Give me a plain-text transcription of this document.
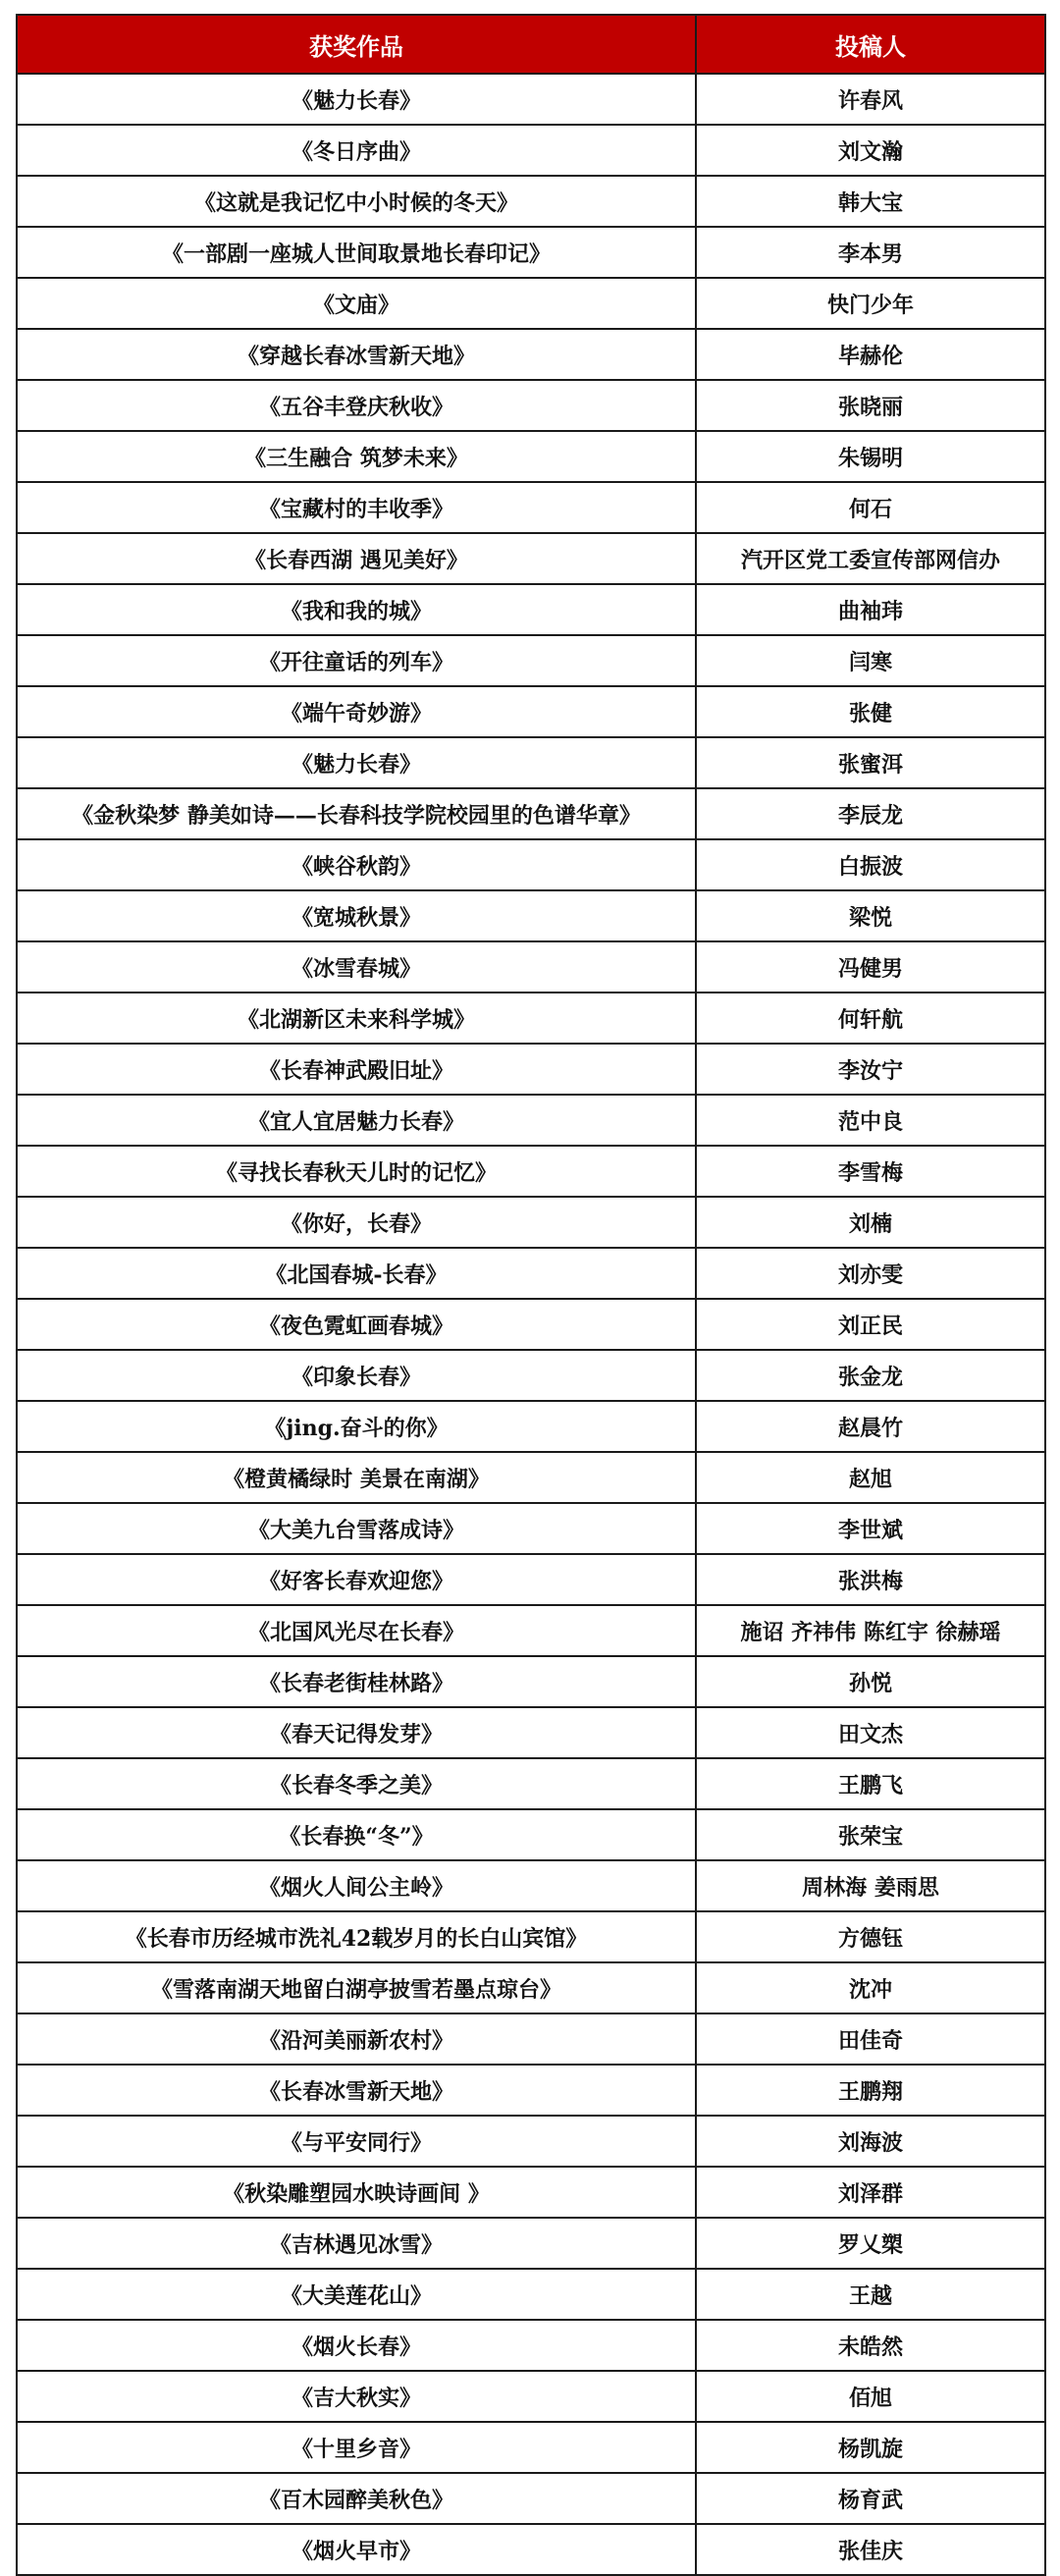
获奖作品	投稿人
《魅力长春》	许春风
《冬日序曲》	刘文瀚
《这就是我记忆中小时候的冬天》	韩大宝
《一部剧一座城人世间取景地长春印记》	李本男
《文庙》	快门少年
《穿越长春冰雪新天地》	毕赫伦
《五谷丰登庆秋收》	张晓丽
《三生融合 筑梦未来》	朱锡明
《宝藏村的丰收季》	何石
《长春西湖 遇见美好》	汽开区党工委宣传部网信办
《我和我的城》	曲袖玮
《开往童话的列车》	闫寒
《端午奇妙游》	张健
《魅力长春》	张蜜洱
《金秋染梦 静美如诗——长春科技学院校园里的色谱华章》	李辰龙
《峡谷秋韵》	白振波
《宽城秋景》	梁悦
《冰雪春城》	冯健男
《北湖新区未来科学城》	何轩航
《长春神武殿旧址》	李汝宁
《宜人宜居魅力长春》	范中良
《寻找长春秋天儿时的记忆》	李雪梅
《你好，长春》	刘楠
《北国春城-长春》	刘亦雯
《夜色霓虹画春城》	刘正民
《印象长春》	张金龙
《jing.奋斗的你》	赵晨竹
《橙黄橘绿时 美景在南湖》	赵旭
《大美九台雪落成诗》	李世斌
《好客长春欢迎您》	张洪梅
《北国风光尽在长春》	施诏 齐祎伟 陈红宇 徐赫瑶
《长春老街桂林路》	孙悦
《春天记得发芽》	田文杰
《长春冬季之美》	王鹏飞
《长春换“冬”》	张荣宝
《烟火人间公主岭》	周林海 姜雨思
《长春市历经城市洗礼42载岁月的长白山宾馆》	方德钰
《雪落南湖天地留白湖亭披雪若墨点琼台》	沈冲
《沿河美丽新农村》	田佳奇
《长春冰雪新天地》	王鹏翔
《与平安同行》	刘海波
《秋染雕塑园水映诗画间 》	刘泽群
《吉林遇见冰雪》	罗乂槊
《大美莲花山》	王越
《烟火长春》	未皓然
《吉大秋实》	佰旭
《十里乡音》	杨凯旋
《百木园醉美秋色》	杨育武
《烟火早市》	张佳庆
